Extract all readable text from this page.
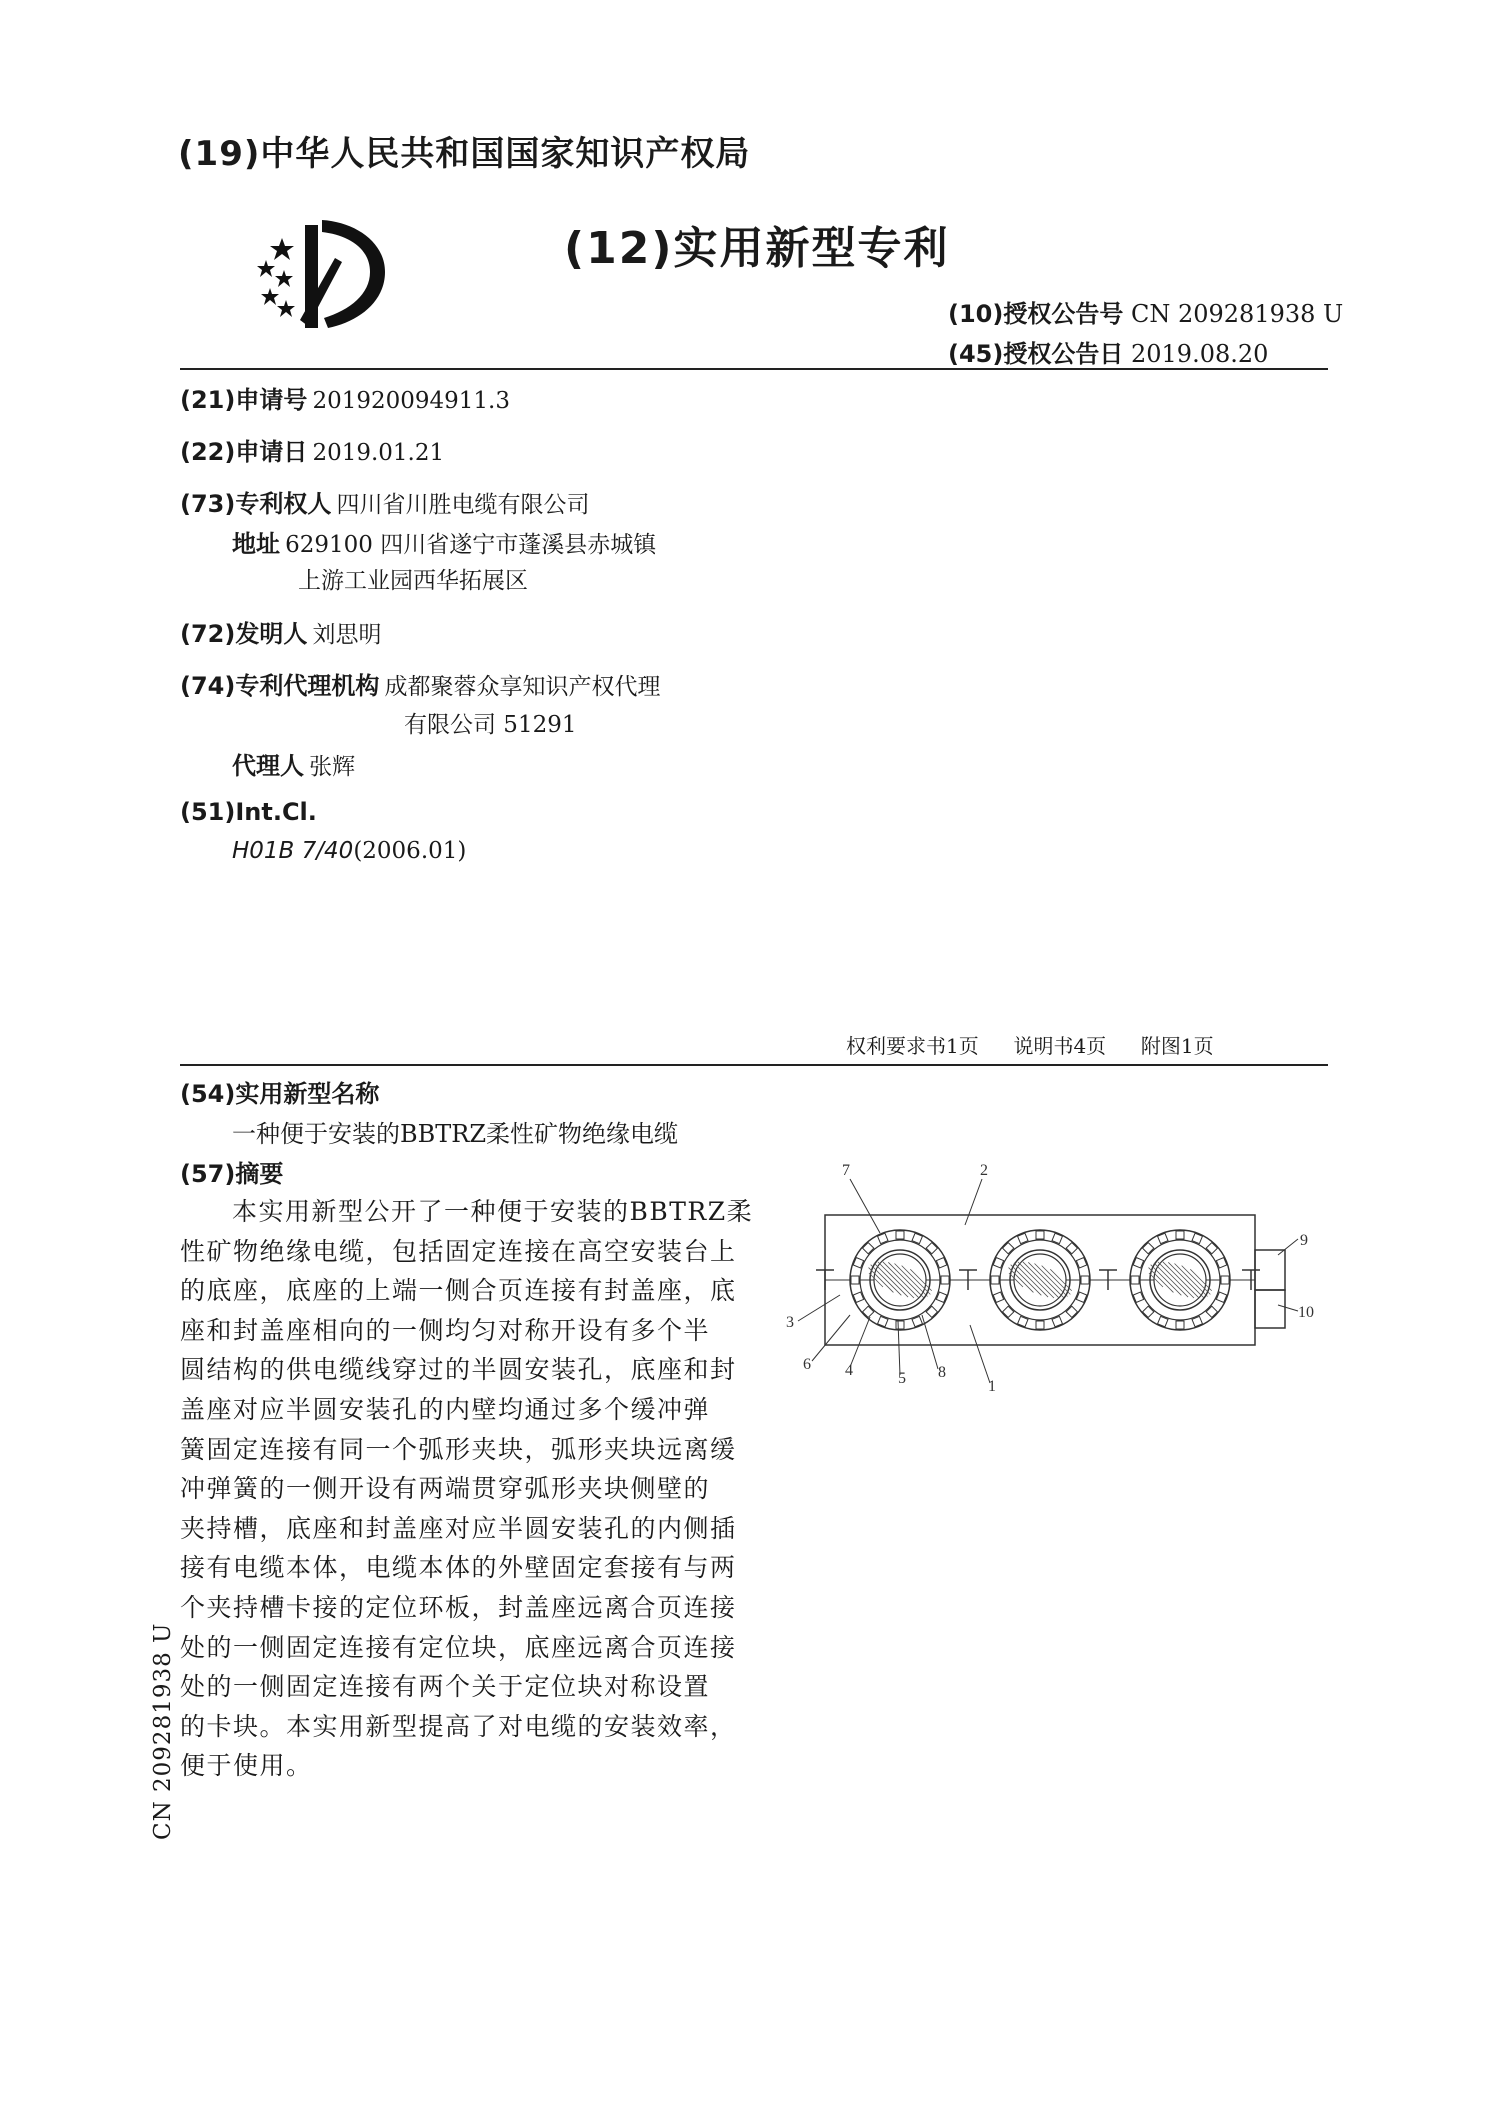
(19)中华人民共和国国家知识产权局
(12)实用新型专利
(10)授权公告号 CN 209281938 U
(45)授权公告日 2019.08.20
(21)申请号 201920094911.3
(22)申请日 2019.01.21
(73)专利权人 四川省川胜电缆有限公司
地址 629100 四川省遂宁市蓬溪县赤城镇
上游工业园西华拓展区
(72)发明人 刘思明
(74)专利代理机构 成都聚蓉众享知识产权代理
有限公司 51291
代理人 张辉
(51)Int.Cl.
H01B 7/40(2006.01)
权利要求书1页 说明书4页 附图1页
(54)实用新型名称
一种便于安装的BBTRZ柔性矿物绝缘电缆
(57)摘要
本实用新型公开了一种便于安装的BBTRZ柔
性矿物绝缘电缆，包括固定连接在高空安装台上
的底座，底座的上端一侧合页连接有封盖座，底
座和封盖座相向的一侧均匀对称开设有多个半
圆结构的供电缆线穿过的半圆安装孔，底座和封
盖座对应半圆安装孔的内壁均通过多个缓冲弹
簧固定连接有同一个弧形夹块，弧形夹块远离缓
冲弹簧的一侧开设有两端贯穿弧形夹块侧壁的
夹持槽，底座和封盖座对应半圆安装孔的内侧插
接有电缆本体，电缆本体的外壁固定套接有与两
个夹持槽卡接的定位环板，封盖座远离合页连接
处的一侧固定连接有定位块，底座远离合页连接
处的一侧固定连接有两个关于定位块对称设置
的卡块。本实用新型提高了对电缆的安装效率，
便于使用。
CN 209281938 U
7	2
9
3
10
6 4	5 8
1
